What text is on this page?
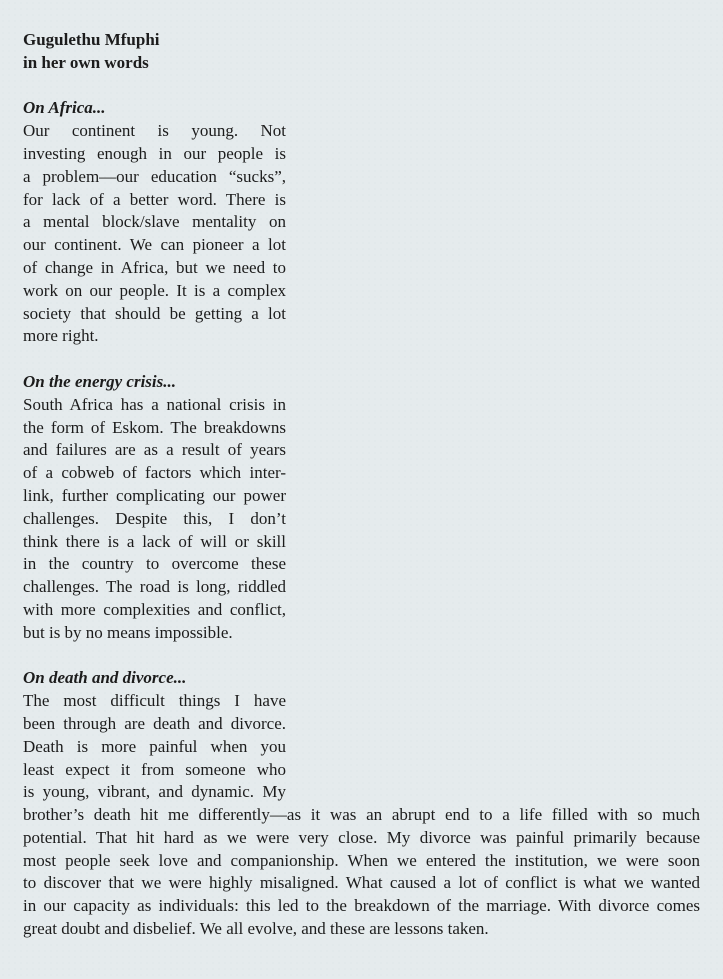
Gugulethu Mfuphi
in her own words
On Africa...
Our continent is young. Not
investing enough in our people is
a problem—our education “sucks”,
for lack of a better word. There is
a mental block/slave mentality on
our continent. We can pioneer a lot
of change in Africa, but we need to
work on our people. It is a complex
society that should be getting a lot
more right.
On the energy crisis...
South Africa has a national crisis in
the form of Eskom. The breakdowns
and failures are as a result of years
of a cobweb of factors which inter-
link, further complicating our power
challenges. Despite this, I don’t
think there is a lack of will or skill
in the country to overcome these
challenges. The road is long, riddled
with more complexities and conflict,
but is by no means impossible.
On death and divorce...
The most difficult things I have
been through are death and divorce.
Death is more painful when you
least expect it from someone who
is young, vibrant, and dynamic. My
brother’s death hit me differently—as it was an abrupt end to a life filled with so much
potential. That hit hard as we were very close. My divorce was painful primarily because
most people seek love and companionship. When we entered the institution, we were soon
to discover that we were highly misaligned. What caused a lot of conflict is what we wanted
in our capacity as individuals: this led to the breakdown of the marriage. With divorce comes
great doubt and disbelief. We all evolve, and these are lessons taken.
